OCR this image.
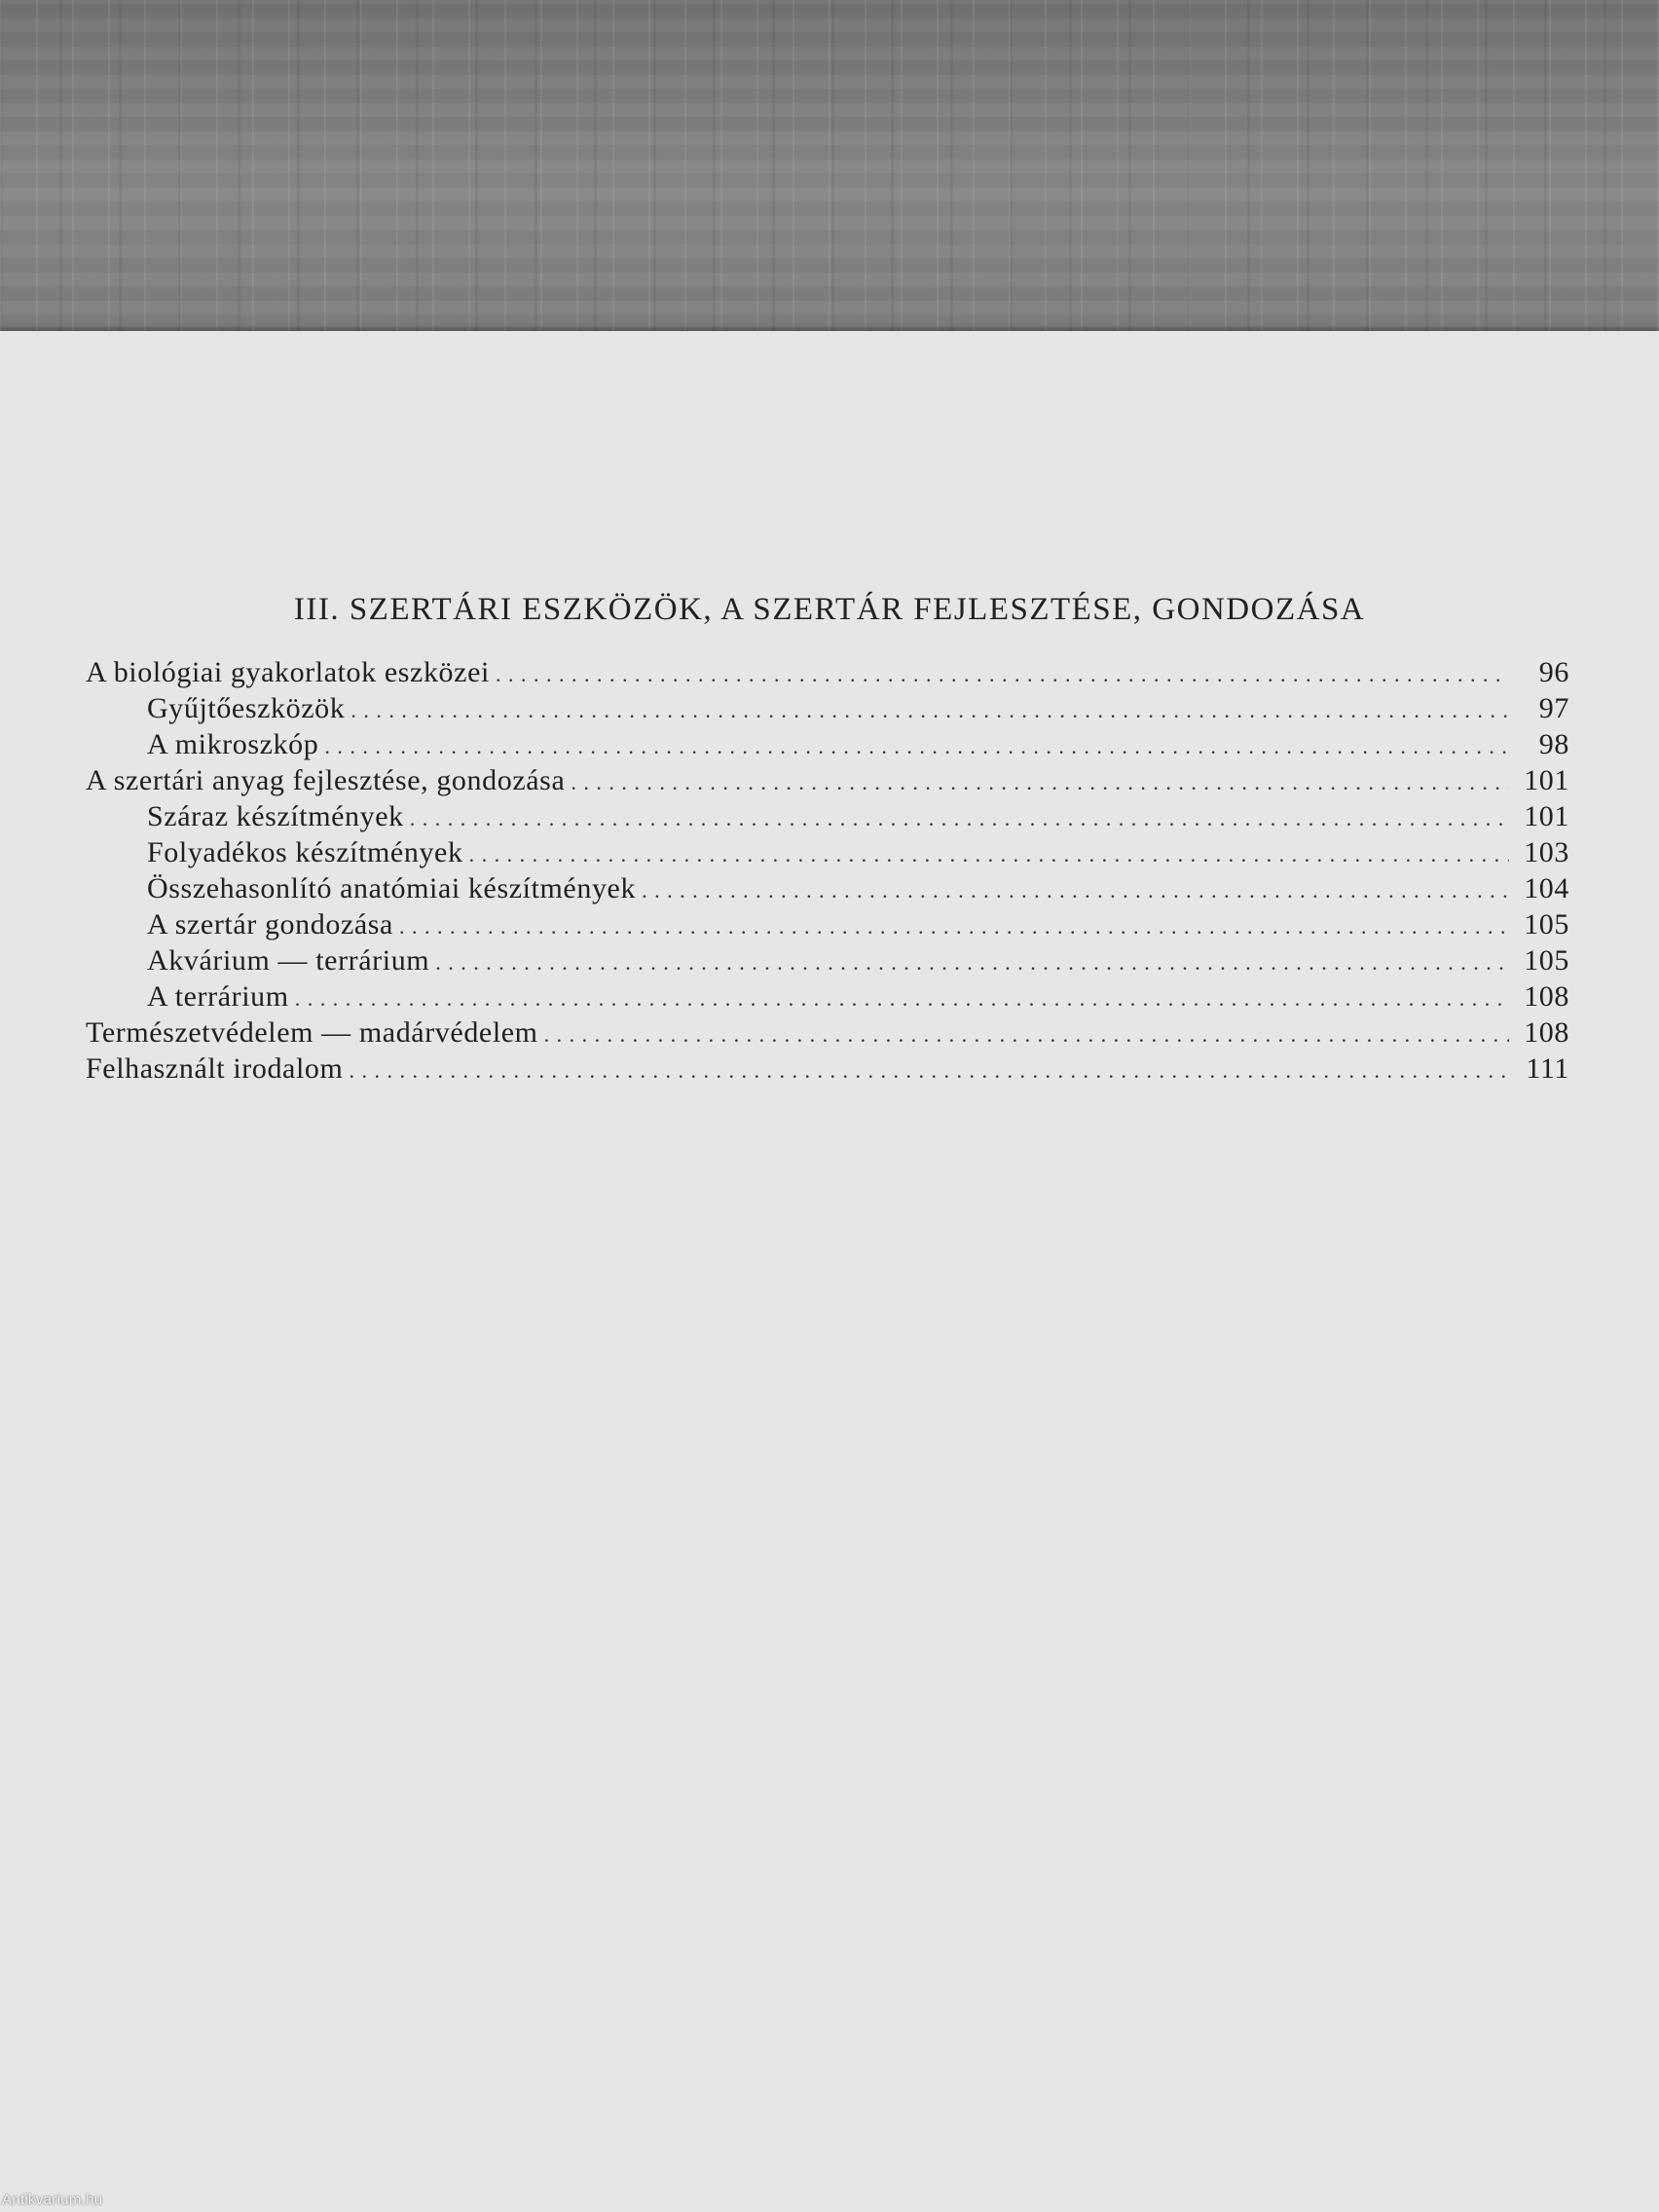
III. SZERTÁRI ESZKÖZÖK, A SZERTÁR FEJLESZTÉSE, GONDOZÁSA
A biológiai gyakorlatok eszközei . . .	96
Gyűjtőeszközök . . .	97
A mikroszkóp . . .	98
A szertári anyag fejlesztése, gondozása . . .	101
Száraz készítmények . . .	101
Folyadékos készítmények . . .	103
Összehasonlító anatómiai készítmények . . .	104
A szertár gondozása . . .	105
Akvárium — terrárium . . .	105
A terrárium . . .	108
Természetvédelem — madárvédelem . . .	108
Felhasznált irodalom . . .	111
Antikvarium.hu
